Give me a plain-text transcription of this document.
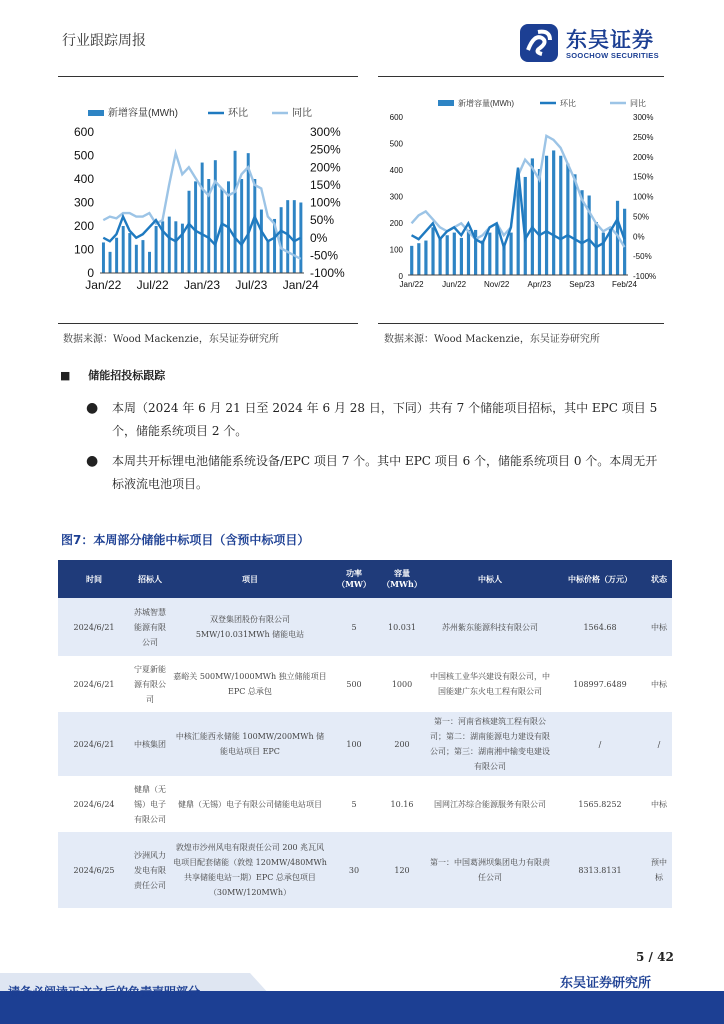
行业跟踪周报	东吴证券
SOOCHOW SECURITIES
新增容量(MWh)	环比	同比
0
100
200
300
400
500
600
-100%
-50%
0%
50%
100%
150%
200%
250%
300%
Jan/22 Jul/22 Jan/23 Jul/23 Jan/24
新增容量(MWh)	环比	同比
0
100
200
300
400
500
600
-100%
-50%
0%
50%
100%
150%
200%
250%
300%
Jan/22 Jun/22 Nov/22 Apr/23 Sep/23 Feb/24
数据来源：Wood Mackenzie，东吴证券研究所	数据来源：Wood Mackenzie，东吴证券研究所
■ 储能招投标跟踪
● 本周（2024 年 6 月 21 日至 2024 年 6 月 28 日，下同）共有 7 个储能项目招标，其中 EPC 项目 5 个，储能系统项目 2 个。
● 本周共开标锂电池储能系统设备/EPC 项目 7 个。其中 EPC 项目 6 个，储能系统项目 0 个。本周无开标液流电池项目。
图7：本周部分储能中标项目（含预中标项目）
时间	招标人	项目	功率（MW）	容量（MWh）	中标人	中标价格（万元）	状态
2024/6/21	苏城智慧能源有限公司	双登集团股份有限公司 5MW/10.031MWh 储能电站	5	10.031	苏州紫东能源科技有限公司	1564.68	中标
2024/6/21	宁夏新能源有限公司	嘉峪关 500MW/1000MWh 独立储能项目 EPC 总承包	500	1000	中国核工业华兴建设有限公司，中国能建广东火电工程有限公司	108997.6489	中标
2024/6/21	中核集团	中核汇能西永储能 100MW/200MWh 储能电站项目 EPC	100	200	第一：河南省核建筑工程有限公司；第二：湖南能源电力建设有限公司；第三：湖南湘中输变电建设有限公司	/	/
2024/6/24	健鼎（无锡）电子有限公司	健鼎（无锡）电子有限公司储能电站项目	5	10.16	国网江苏综合能源服务有限公司	1565.8252	中标
2024/6/25	沙洲风力发电有限责任公司	敦煌市沙州风电有限责任公司 200 兆瓦风电项目配套储能（敦煌 120MW/480MWh 共享储能电站一期）EPC 总承包项目（30MW/120MWh）	30	120	第一：中国葛洲坝集团电力有限责任公司	8313.8131	预中标
5 / 42
请务必阅读正文之后的免责声明部分
东吴证券研究所
